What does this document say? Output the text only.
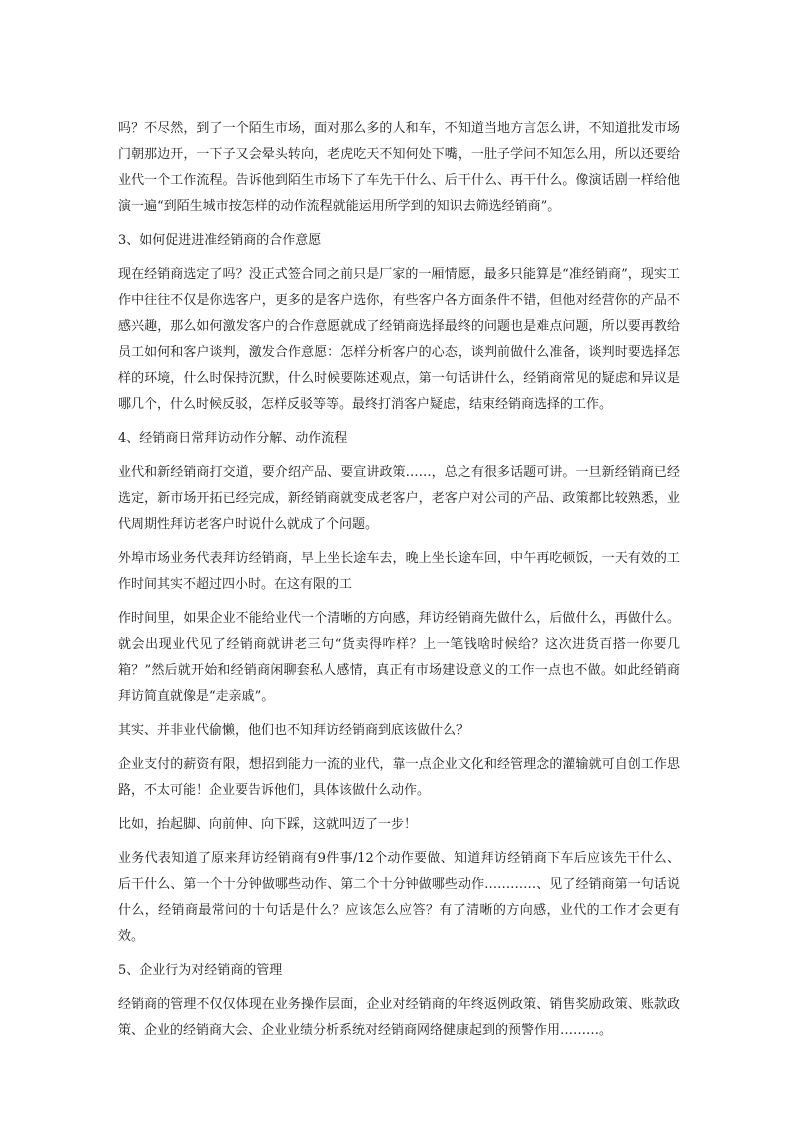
吗？不尽然，到了一个陌生市场，面对那么多的人和车，不知道当地方言怎么讲，不知道批发市场门朝那边开，一下子又会晕头转向，老虎吃天不知何处下嘴，一肚子学问不知怎么用，所以还要给业代一个工作流程。告诉他到陌生市场下了车先干什么、后干什么、再干什么。像演话剧一样给他演一遍“到陌生城市按怎样的动作流程就能运用所学到的知识去筛选经销商”。

3、如何促进进准经销商的合作意愿

现在经销商选定了吗？没正式签合同之前只是厂家的一厢情愿，最多只能算是“准经销商”，现实工作中往往不仅是你选客户，更多的是客户选你，有些客户各方面条件不错，但他对经营你的产品不感兴趣，那么如何激发客户的合作意愿就成了经销商选择最终的问题也是难点问题，所以要再教给员工如何和客户谈判，激发合作意愿：怎样分析客户的心态，谈判前做什么准备，谈判时要选择怎样的环境，什么时保持沉默，什么时候要陈述观点，第一句话讲什么，经销商常见的疑虑和异议是哪几个，什么时候反驳，怎样反驳等等。最终打消客户疑虑，结束经销商选择的工作。

4、经销商日常拜访动作分解、动作流程

业代和新经销商打交道，要介绍产品、要宣讲政策……，总之有很多话题可讲。一旦新经销商已经选定，新市场开拓已经完成，新经销商就变成老客户，老客户对公司的产品、政策都比较熟悉，业代周期性拜访老客户时说什么就成了个问题。

外埠市场业务代表拜访经销商，早上坐长途车去，晚上坐长途车回，中午再吃顿饭，一天有效的工作时间其实不超过四小时。在这有限的工

作时间里，如果企业不能给业代一个清晰的方向感，拜访经销商先做什么，后做什么，再做什么。就会出现业代见了经销商就讲老三句“货卖得咋样？上一笔钱啥时候给？这次进货百搭一你要几箱？”然后就开始和经销商闲聊套私人感情，真正有市场建设意义的工作一点也不做。如此经销商拜访简直就像是“走亲戚”。

其实、并非业代偷懒，他们也不知拜访经销商到底该做什么？

企业支付的薪资有限，想招到能力一流的业代，靠一点企业文化和经管理念的灌输就可自创工作思路，不太可能！企业要告诉他们，具体该做什么动作。

比如，抬起脚、向前伸、向下踩，这就叫迈了一步！

业务代表知道了原来拜访经销商有9件事/12个动作要做、知道拜访经销商下车后应该先干什么、后干什么、第一个十分钟做哪些动作、第二个十分钟做哪些动作…………、见了经销商第一句话说什么，经销商最常问的十句话是什么？应该怎么应答？有了清晰的方向感，业代的工作才会更有效。

5、企业行为对经销商的管理

经销商的管理不仅仅体现在业务操作层面，企业对经销商的年终返例政策、销售奖励政策、账款政策、企业的经销商大会、企业业绩分析系统对经销商网络健康起到的预警作用………。
